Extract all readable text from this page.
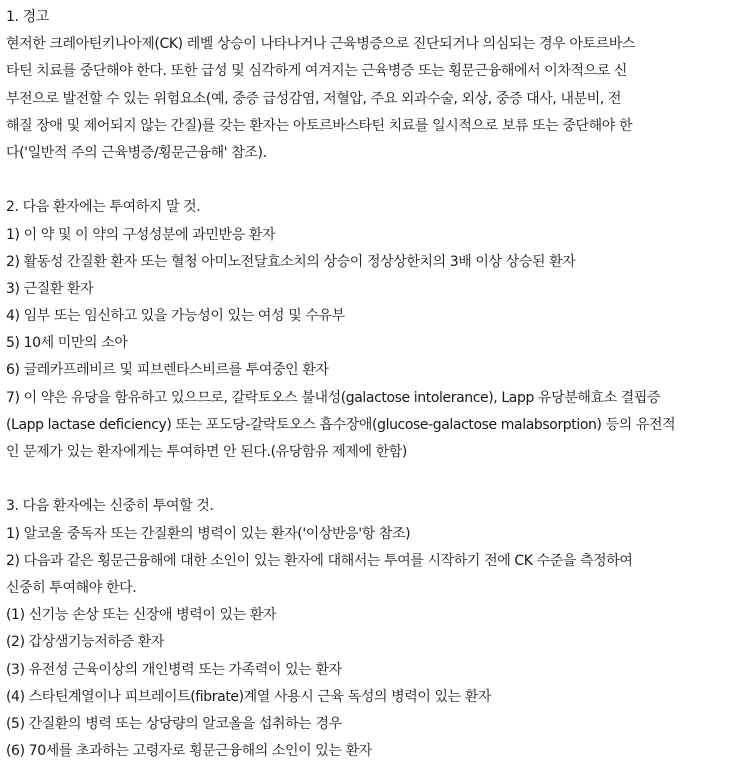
1. 경고
현저한 크레아틴키나아제(CK) 레벨 상승이 나타나거나 근육병증으로 진단되거나 의심되는 경우 아토르바스
타틴 치료를 중단해야 한다. 또한 급성 및 심각하게 여겨지는 근육병증 또는 횡문근융해에서 이차적으로 신
부전으로 발전할 수 있는 위험요소(예, 중증 급성감염, 저혈압, 주요 외과수술, 외상, 중증 대사, 내분비, 전
해질 장애 및 제어되지 않는 간질)를 갖는 환자는 아토르바스타틴 치료를 일시적으로 보류 또는 중단해야 한
다('일반적 주의 근육병증/횡문근융해' 참조).
2. 다음 환자에는 투여하지 말 것.
1) 이 약 및 이 약의 구성성분에 과민반응 환자
2) 활동성 간질환 환자 또는 혈청 아미노전달효소치의 상승이 정상상한치의 3배 이상 상승된 환자
3) 근질환 환자
4) 임부 또는 임신하고 있을 가능성이 있는 여성 및 수유부
5) 10세 미만의 소아
6) 글레카프레비르 및 피브렌타스비르를 투여중인 환자
7) 이 약은 유당을 함유하고 있으므로, 갈락토오스 불내성(galactose intolerance), Lapp 유당분해효소 결핍증
(Lapp lactase deficiency) 또는 포도당-갈락토오스 흡수장애(glucose-galactose malabsorption) 등의 유전적
인 문제가 있는 환자에게는 투여하면 안 된다.(유당함유 제제에 한함)
3. 다음 환자에는 신중히 투여할 것.
1) 알코올 중독자 또는 간질환의 병력이 있는 환자('이상반응'항 참조)
2) 다음과 같은 횡문근융해에 대한 소인이 있는 환자에 대해서는 투여를 시작하기 전에 CK 수준을 측정하여
신중히 투여해야 한다.
(1) 신기능 손상 또는 신장애 병력이 있는 환자
(2) 갑상샘기능저하증 환자
(3) 유전성 근육이상의 개인병력 또는 가족력이 있는 환자
(4) 스타틴계열이나 피브레이트(fibrate)계열 사용시 근육 독성의 병력이 있는 환자
(5) 간질환의 병력 또는 상당량의 알코올을 섭취하는 경우
(6) 70세를 초과하는 고령자로 횡문근융해의 소인이 있는 환자
